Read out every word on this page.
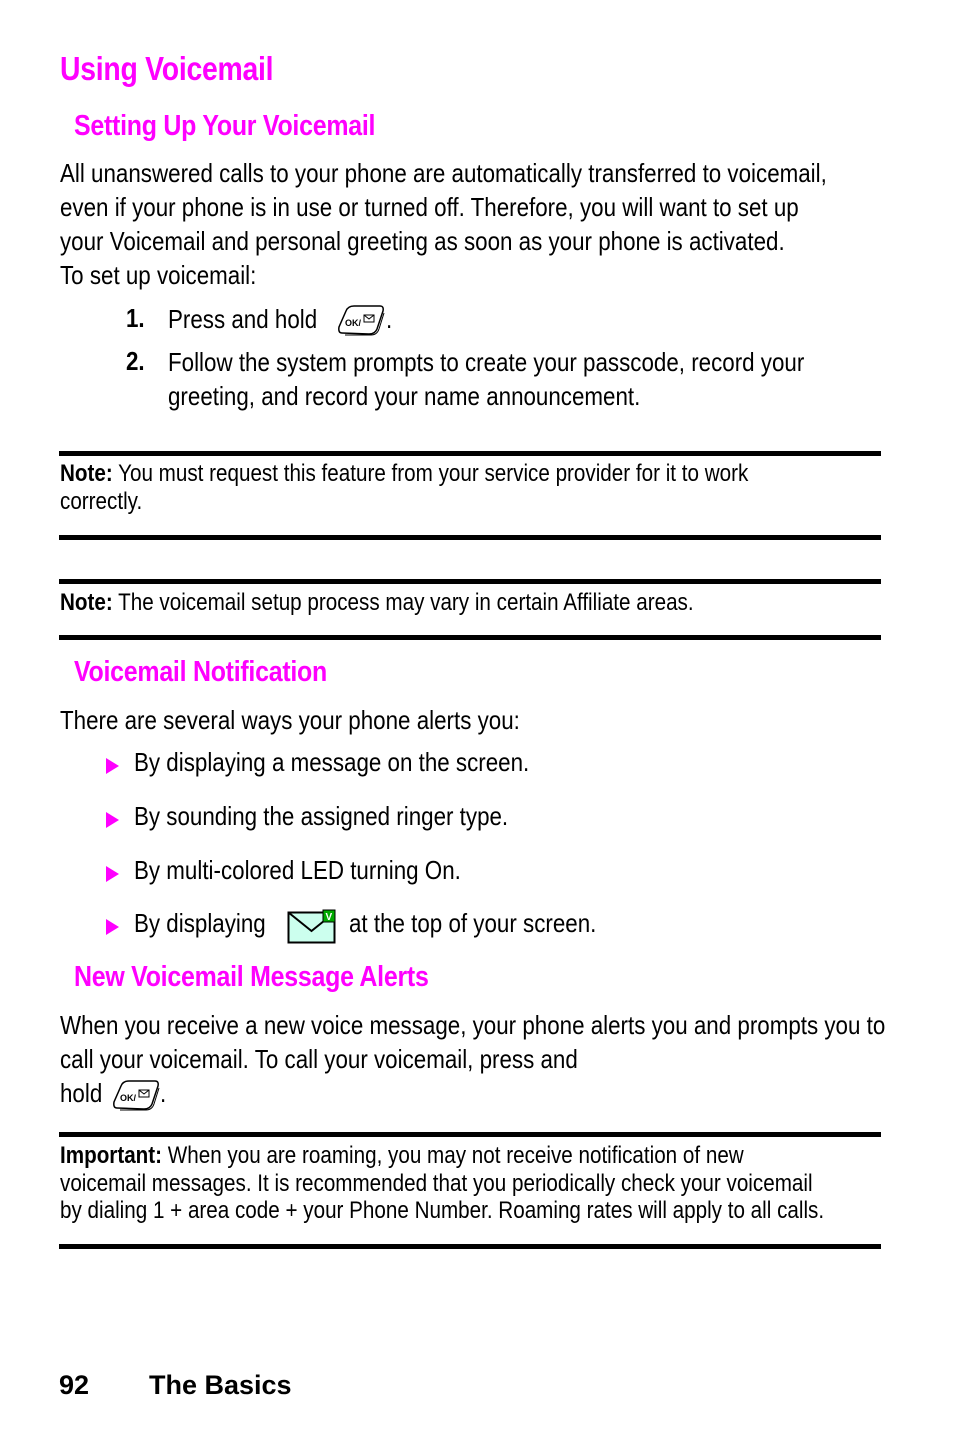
Using Voicemail
Setting Up Your Voicemail
All unanswered calls to your phone are automatically transferred to voicemail,
even if your phone is in use or turned off. Therefore, you will want to set up
your Voicemail and personal greeting as soon as your phone is activated.
To set up voicemail:
1. Press and hold	OK/ .
2. Follow the system prompts to create your passcode, record your
greeting, and record your name announcement.
Note: You must request this feature from your service provider for it to work
correctly.
Note: The voicemail setup process may vary in certain Affiliate areas.
Voicemail Notification
There are several ways your phone alerts you:
By displaying a message on the screen.
By sounding the assigned ringer type.
By multi-colored LED turning On.
By displaying	V at the top of your screen.
New Voicemail Message Alerts
When you receive a new voice message, your phone alerts you and prompts you to
call your voicemail. To call your voicemail, press and
hold OK/ .
Important: When you are roaming, you may not receive notification of new
voicemail messages. It is recommended that you periodically check your voicemail
by dialing 1 + area code + your Phone Number. Roaming rates will apply to all calls.
92 The Basics
